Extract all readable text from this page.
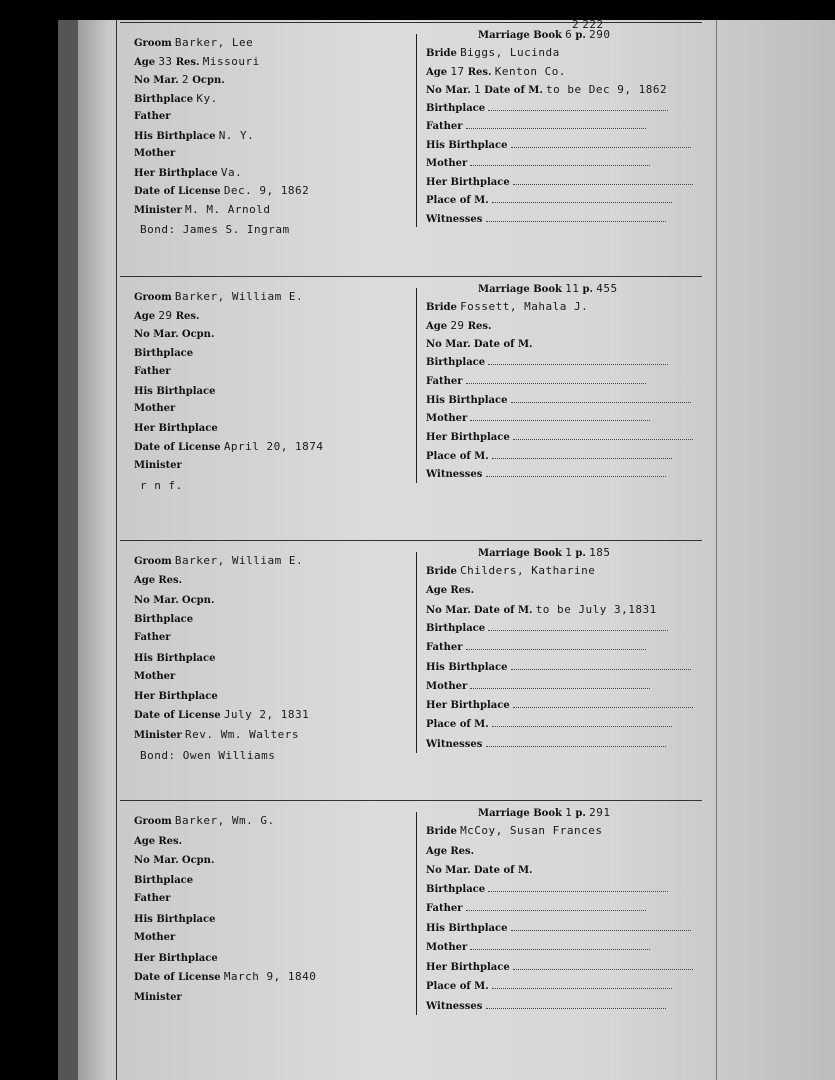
Groom Barker, Lee
Age 33 Res. Missouri
No Mar. 2 Ocpn.
Birthplace Ky.
Father
His Birthplace N. Y.
Mother
Her Birthplace Va.
Date of License Dec. 9, 1862
Minister M. M. Arnold
Marriage Book 6 p. 290
2 222
Bride Biggs, Lucinda
Age 17 Res. Kenton Co.
No Mar. 1 Date of M. to be Dec 9, 1862
Birthplace
Father
His Birthplace
Mother
Her Birthplace
Place of M.
Witnesses
Bond: James S. Ingram
Groom Barker, William E.
Age 29 Res.
No Mar. Ocpn.
Birthplace
Father
His Birthplace
Mother
Her Birthplace
Date of License April 20, 1874
Minister
Marriage Book 11 p. 455
Bride Fossett, Mahala J.
Age 29 Res.
No Mar. Date of M.
Birthplace
Father
His Birthplace
Mother
Her Birthplace
Place of M.
Witnesses
r n f.
Groom Barker, William E.
Age Res.
No Mar. Ocpn.
Birthplace
Father
His Birthplace
Mother
Her Birthplace
Date of License July 2, 1831
Minister Rev. Wm. Walters
Marriage Book 1 p. 185
Bride Childers, Katharine
Age Res.
No Mar. Date of M. to be July 3,1831
Birthplace
Father
His Birthplace
Mother
Her Birthplace
Place of M.
Witnesses
Bond: Owen Williams
Groom Barker, Wm. G.
Age Res.
No Mar. Ocpn.
Birthplace
Father
His Birthplace
Mother
Her Birthplace
Date of License March 9, 1840
Minister
Marriage Book 1 p. 291
Bride McCoy, Susan Frances
Age Res.
No Mar. Date of M.
Birthplace
Father
His Birthplace
Mother
Her Birthplace
Place of M.
Witnesses
